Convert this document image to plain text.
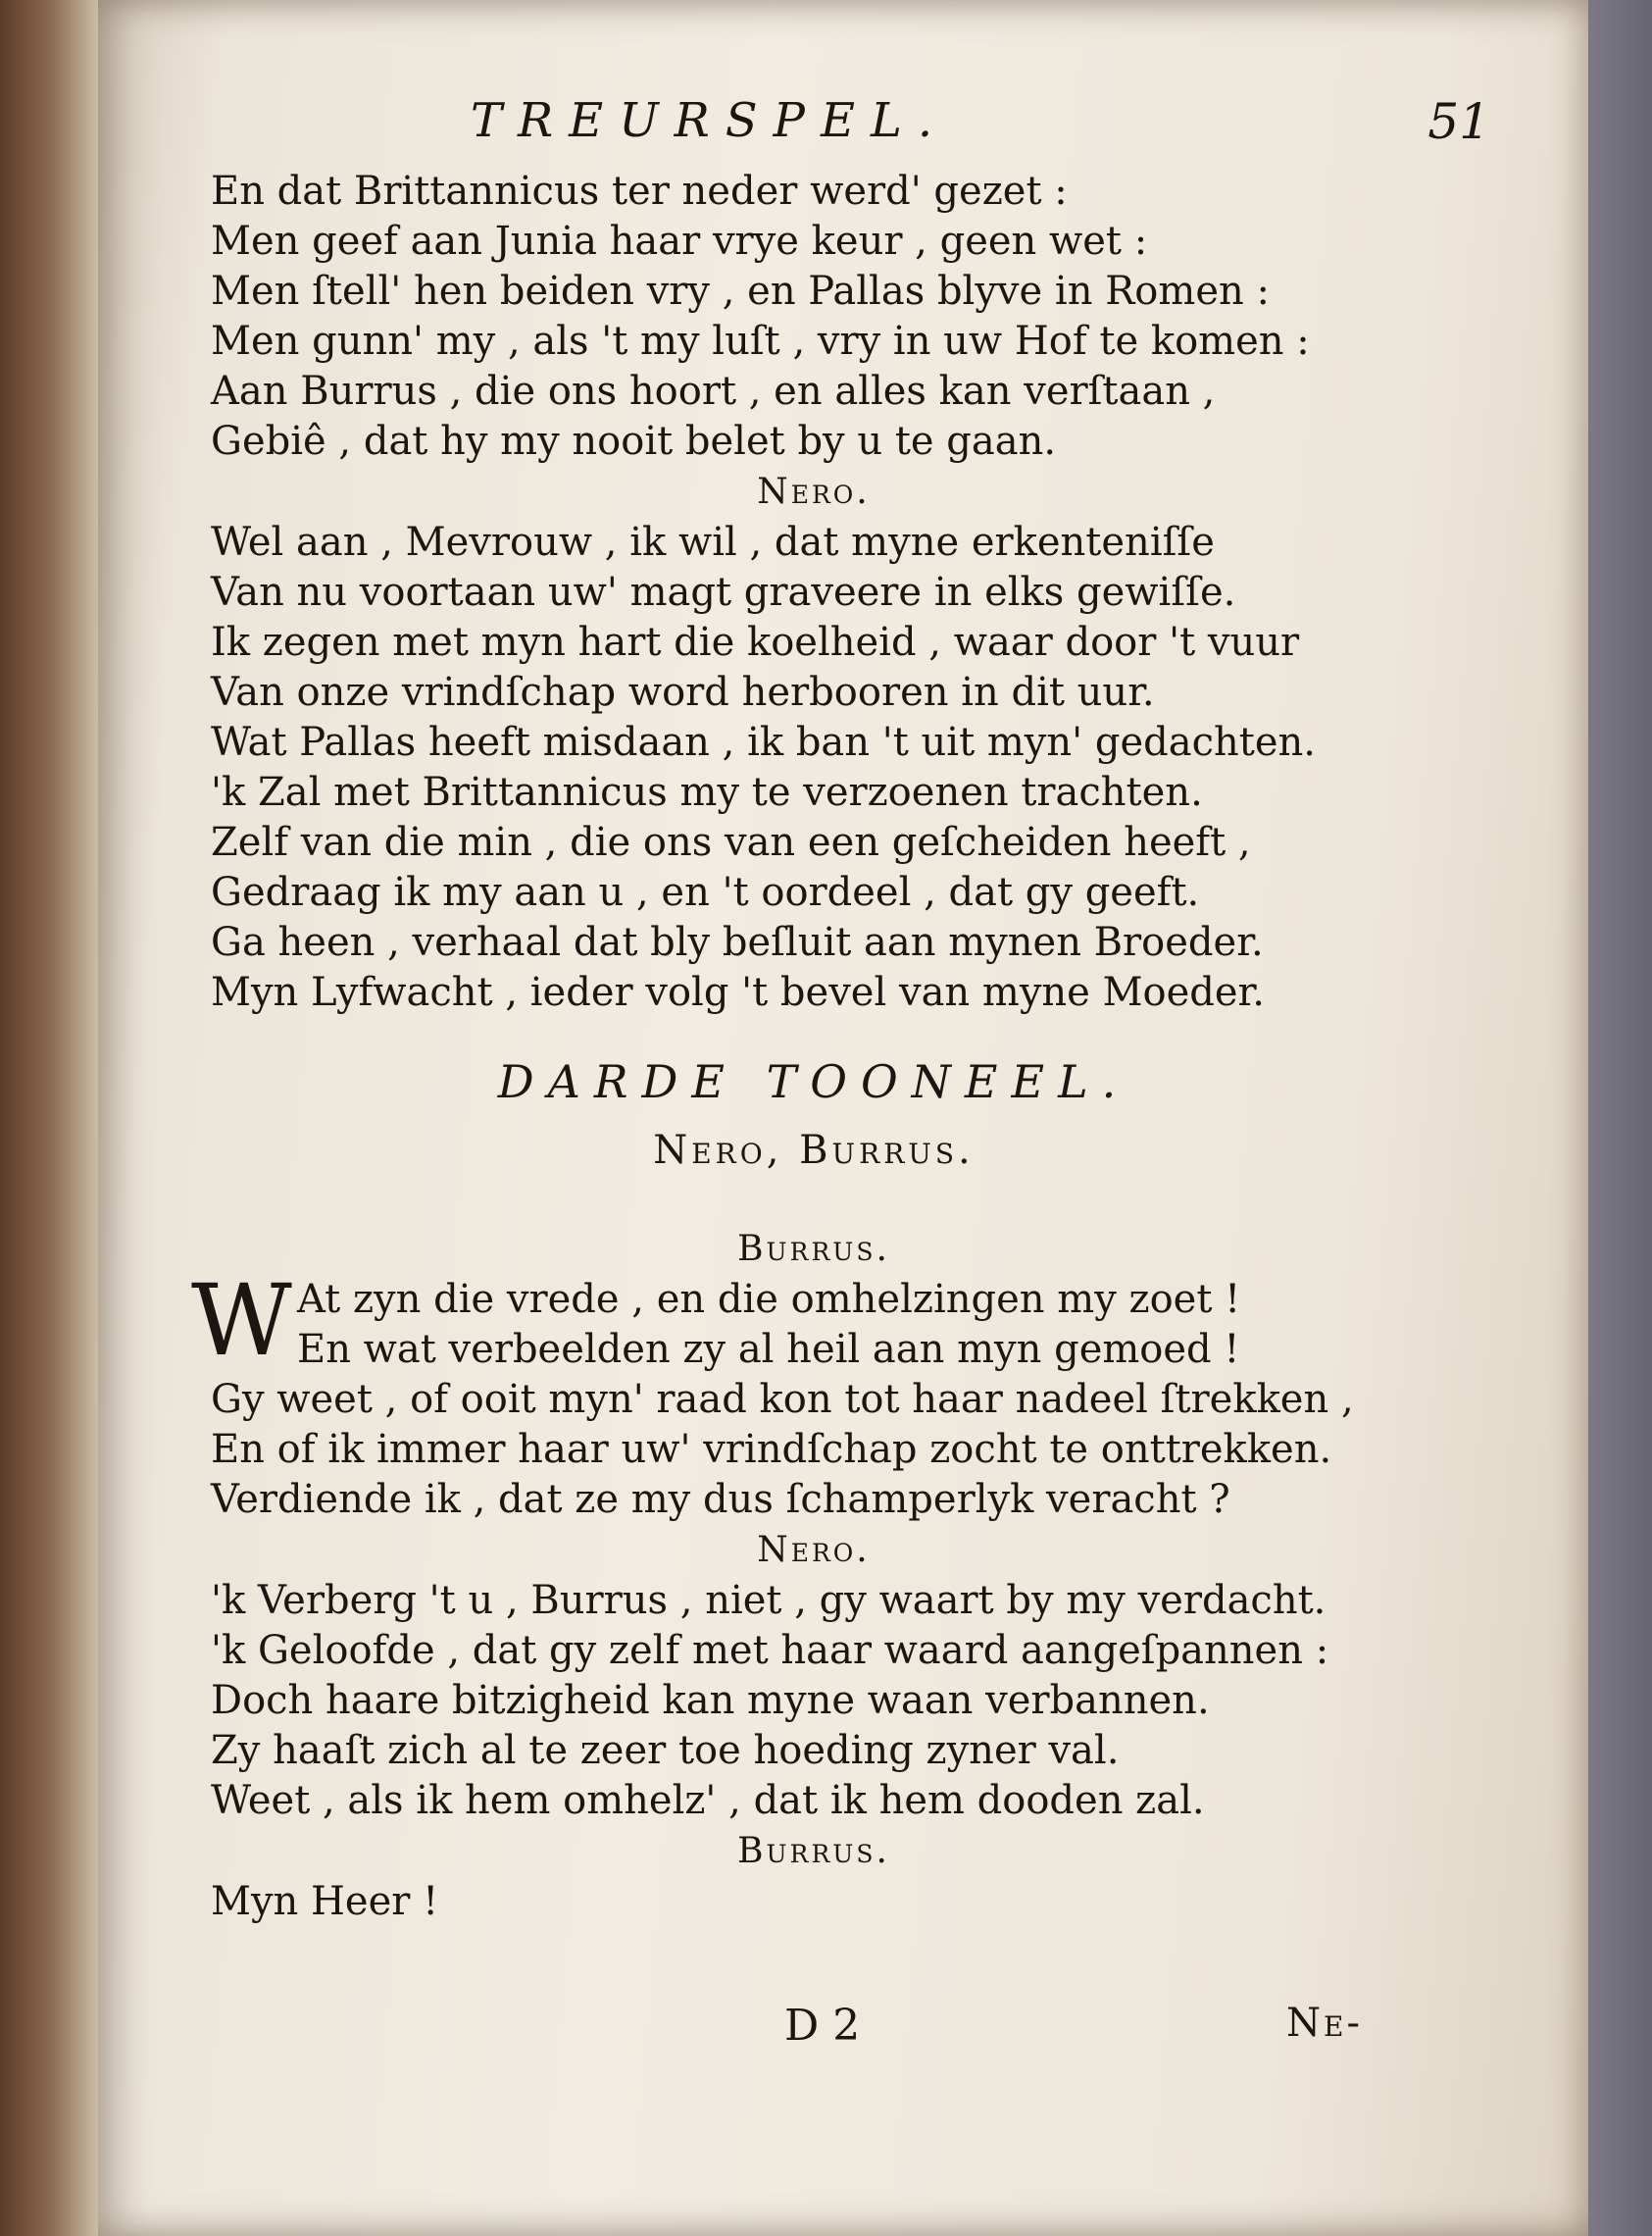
TREURSPEL.	51
En dat Brittannicus ter neder werd' gezet :
Men geef aan Junia haar vrye keur , geen wet :
Men ſtell' hen beiden vry , en Pallas blyve in Romen :
Men gunn' my , als 't my luſt , vry in uw Hof te komen :
Aan Burrus , die ons hoort , en alles kan verſtaan ,
Gebiê , dat hy my nooit belet by u te gaan.
Nero.
Wel aan , Mevrouw , ik wil , dat myne erkenteniſſe
Van nu voortaan uw' magt graveere in elks gewiſſe.
Ik zegen met myn hart die koelheid , waar door 't vuur
Van onze vrindſchap word herbooren in dit uur.
Wat Pallas heeft misdaan , ik ban 't uit myn' gedachten.
'k Zal met Brittannicus my te verzoenen trachten.
Zelf van die min , die ons van een geſcheiden heeft ,
Gedraag ik my aan u , en 't oordeel , dat gy geeft.
Ga heen , verhaal dat bly beſluit aan mynen Broeder.
Myn Lyfwacht , ieder volg 't bevel van myne Moeder.
DARDE TOONEEL.
Nero, Burrus.
Burrus.
W At zyn die vrede , en die omhelzingen my zoet !
En wat verbeelden zy al heil aan myn gemoed !
Gy weet , of ooit myn' raad kon tot haar nadeel ſtrekken ,
En of ik immer haar uw' vrindſchap zocht te onttrekken.
Verdiende ik , dat ze my dus ſchamperlyk veracht ?
Nero.
'k Verberg 't u , Burrus , niet , gy waart by my verdacht.
'k Geloofde , dat gy zelf met haar waard aangeſpannen :
Doch haare bitzigheid kan myne waan verbannen.
Zy haaſt zich al te zeer toe hoeding zyner val.
Weet , als ik hem omhelz' , dat ik hem dooden zal.
Burrus.
Myn Heer !
D 2	Ne-
